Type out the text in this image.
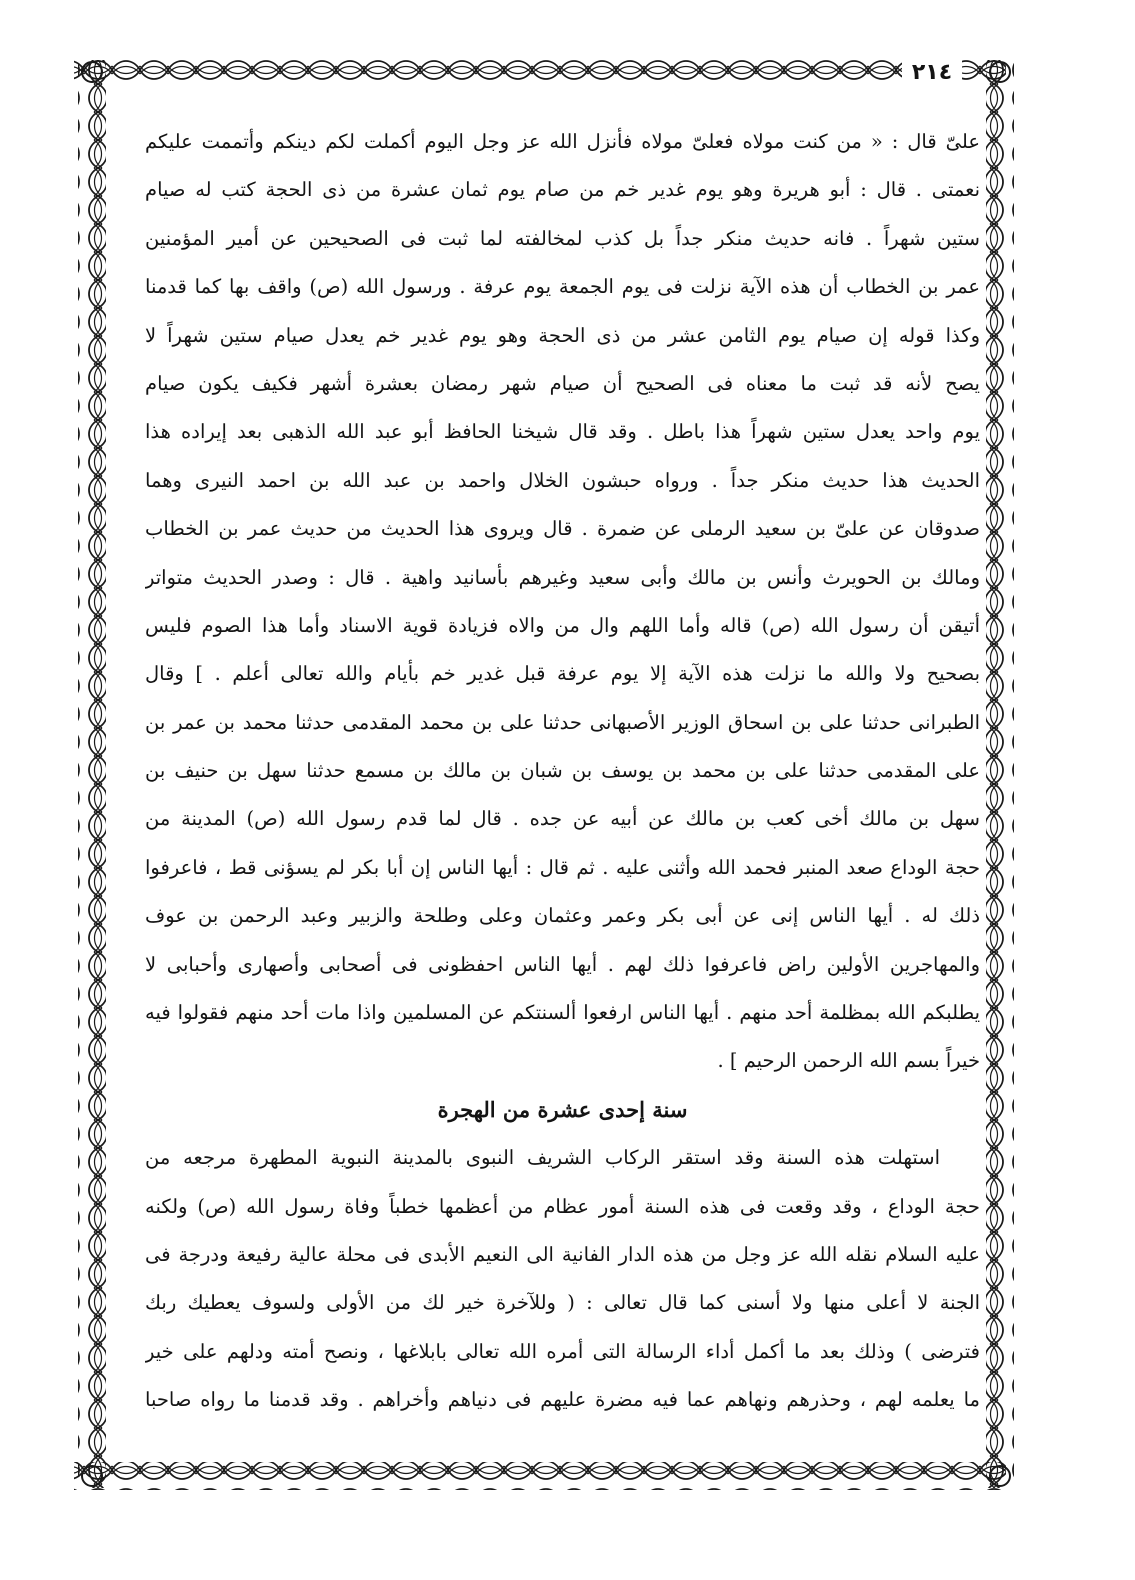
٢١٤
علىّ قال : « من كنت مولاه فعلىّ مولاه فأنزل الله عز وجل اليوم أكملت لكم دينكم وأتممت عليكم
نعمتى . قال : أبو هريرة وهو يوم غدير خم من صام يوم ثمان عشرة من ذى الحجة كتب له صيام
ستين شهراً . فانه حديث منكر جداً بل كذب لمخالفته لما ثبت فى الصحيحين عن أمير المؤمنين
عمر بن الخطاب أن هذه الآية نزلت فى يوم الجمعة يوم عرفة . ورسول الله (ص) واقف بها كما قدمنا
وكذا قوله إن صيام يوم الثامن عشر من ذى الحجة وهو يوم غدير خم يعدل صيام ستين شهراً لا
يصح لأنه قد ثبت ما معناه فى الصحيح أن صيام شهر رمضان بعشرة أشهر فكيف يكون صيام
يوم واحد يعدل ستين شهراً هذا باطل . وقد قال شيخنا الحافظ أبو عبد الله الذهبى بعد إيراده هذا
الحديث هذا حديث منكر جداً . ورواه حبشون الخلال واحمد بن عبد الله بن احمد النيرى وهما
صدوقان عن علىّ بن سعيد الرملى عن ضمرة . قال ويروى هذا الحديث من حديث عمر بن الخطاب
ومالك بن الحويرث وأنس بن مالك وأبى سعيد وغيرهم بأسانيد واهية . قال : وصدر الحديث متواتر
أتيقن أن رسول الله (ص) قاله وأما اللهم وال من والاه فزيادة قوية الاسناد وأما هذا الصوم فليس
بصحيح ولا والله ما نزلت هذه الآية إلا يوم عرفة قبل غدير خم بأيام والله تعالى أعلم . ] وقال
الطبرانى حدثنا على بن اسحاق الوزير الأصبهانى حدثنا على بن محمد المقدمى حدثنا محمد بن عمر بن
على المقدمى حدثنا على بن محمد بن يوسف بن شبان بن مالك بن مسمع حدثنا سهل بن حنيف بن
سهل بن مالك أخى كعب بن مالك عن أبيه عن جده . قال لما قدم رسول الله (ص) المدينة من
حجة الوداع صعد المنبر فحمد الله وأثنى عليه . ثم قال : أيها الناس إن أبا بكر لم يسؤنى قط ، فاعرفوا
ذلك له . أيها الناس إنى عن أبى بكر وعمر وعثمان وعلى وطلحة والزبير وعبد الرحمن بن عوف
والمهاجرين الأولين راض فاعرفوا ذلك لهم . أيها الناس احفظونى فى أصحابى وأصهارى وأحبابى لا
يطلبكم الله بمظلمة أحد منهم . أيها الناس ارفعوا ألسنتكم عن المسلمين واذا مات أحد منهم فقولوا فيه
خيراً بسم الله الرحمن الرحيم ] .
سنة إحدى عشرة من الهجرة
استهلت هذه السنة وقد استقر الركاب الشريف النبوى بالمدينة النبوية المطهرة مرجعه من
حجة الوداع ، وقد وقعت فى هذه السنة أمور عظام من أعظمها خطباً وفاة رسول الله (ص) ولكنه
عليه السلام نقله الله عز وجل من هذه الدار الفانية الى النعيم الأبدى فى محلة عالية رفيعة ودرجة فى
الجنة لا أعلى منها ولا أسنى كما قال تعالى : ( وللآخرة خير لك من الأولى ولسوف يعطيك ربك
فترضى ) وذلك بعد ما أكمل أداء الرسالة التى أمره الله تعالى بابلاغها ، ونصح أمته ودلهم على خير
ما يعلمه لهم ، وحذرهم ونهاهم عما فيه مضرة عليهم فى دنياهم وأخراهم . وقد قدمنا ما رواه صاحبا
